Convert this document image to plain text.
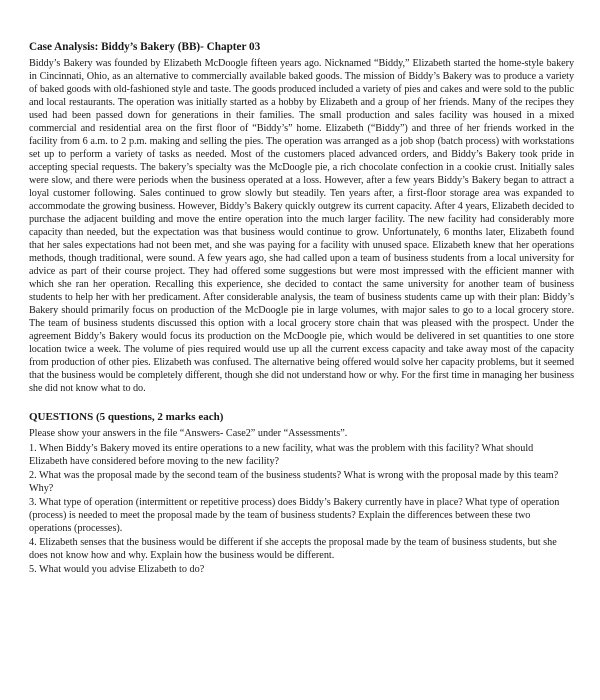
Case Analysis: Biddy’s Bakery (BB)- Chapter 03

Biddy’s Bakery was founded by Elizabeth McDoogle fifteen years ago. Nicknamed “Biddy,” Elizabeth started the home-style bakery in Cincinnati, Ohio, as an alternative to commercially available baked goods. The mission of Biddy’s Bakery was to produce a variety of baked goods with old-fashioned style and taste. The goods produced included a variety of pies and cakes and were sold to the public and local restaurants. The operation was initially started as a hobby by Elizabeth and a group of her friends. Many of the recipes they used had been passed down for generations in their families. The small production and sales facility was housed in a mixed commercial and residential area on the first floor of “Biddy’s” home. Elizabeth (“Biddy”) and three of her friends worked in the facility from 6 a.m. to 2 p.m. making and selling the pies. The operation was arranged as a job shop (batch process) with workstations set up to perform a variety of tasks as needed. Most of the customers placed advanced orders, and Biddy’s Bakery took pride in accepting special requests. The bakery’s specialty was the McDoogle pie, a rich chocolate confection in a cookie crust. Initially sales were slow, and there were periods when the business operated at a loss. However, after a few years Biddy’s Bakery began to attract a loyal customer following. Sales continued to grow slowly but steadily. Ten years after, a first-floor storage area was expanded to accommodate the growing business. However, Biddy’s Bakery quickly outgrew its current capacity. After 4 years, Elizabeth decided to purchase the adjacent building and move the entire operation into the much larger facility. The new facility had considerably more capacity than needed, but the expectation was that business would continue to grow. Unfortunately, 6 months later, Elizabeth found that her sales expectations had not been met, and she was paying for a facility with unused space. Elizabeth knew that her operations methods, though traditional, were sound. A few years ago, she had called upon a team of business students from a local university for advice as part of their course project. They had offered some suggestions but were most impressed with the efficient manner with which she ran her operation. Recalling this experience, she decided to contact the same university for another team of business students to help her with her predicament. After considerable analysis, the team of business students came up with their plan: Biddy’s Bakery should primarily focus on production of the McDoogle pie in large volumes, with major sales to go to a local grocery store. The team of business students discussed this option with a local grocery store chain that was pleased with the prospect. Under the agreement Biddy’s Bakery would focus its production on the McDoogle pie, which would be delivered in set quantities to one store location twice a week. The volume of pies required would use up all the current excess capacity and take away most of the capacity from production of other pies. Elizabeth was confused. The alternative being offered would solve her capacity problems, but it seemed that the business would be completely different, though she did not understand how or why. For the first time in managing her business she did not know what to do.

QUESTIONS (5 questions, 2 marks each)
Please show your answers in the file “Answers- Case2” under “Assessments”.
1. When Biddy’s Bakery moved its entire operations to a new facility, what was the problem with this facility? What should Elizabeth have considered before moving to the new facility?
2. What was the proposal made by the second team of the business students? What is wrong with the proposal made by this team? Why?
3. What type of operation (intermittent or repetitive process) does Biddy’s Bakery currently have in place? What type of operation (process) is needed to meet the proposal made by the team of business students? Explain the differences between these two operations (processes).
4. Elizabeth senses that the business would be different if she accepts the proposal made by the team of business students, but she does not know how and why. Explain how the business would be different.
5. What would you advise Elizabeth to do?
